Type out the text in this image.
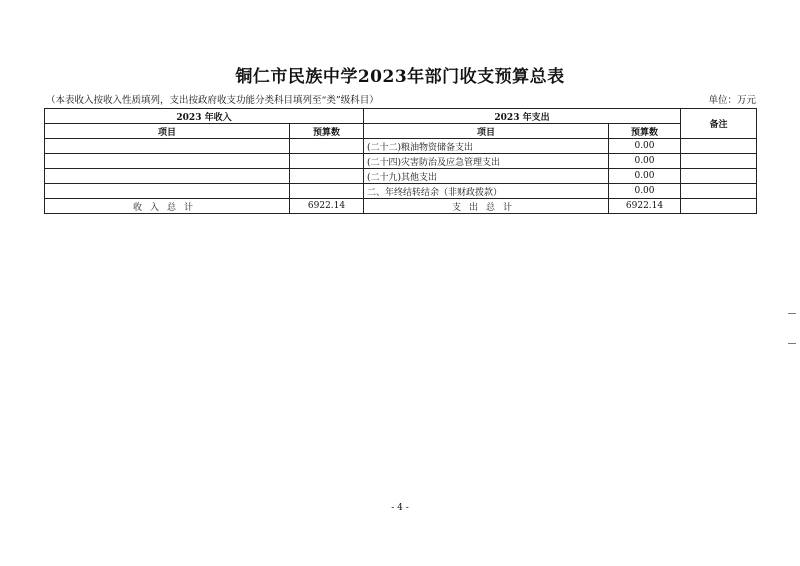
铜仁市民族中学2023年部门收支预算总表
（本表收入按收入性质填列，支出按政府收支功能分类科目填列至“类”级科目）	单位：万元
2023 年收入		2023 年支出		备注
项目	预算数	项目	预算数	
		(二十二)粮油物资储备支出	0.00	
		(二十四)灾害防治及应急管理支出	0.00	
		(二十九)其他支出	0.00	
		二、年终结转结余（非财政拨款）	0.00	
收入总计	6922.14	支出总计	6922.14	
- 4 -
